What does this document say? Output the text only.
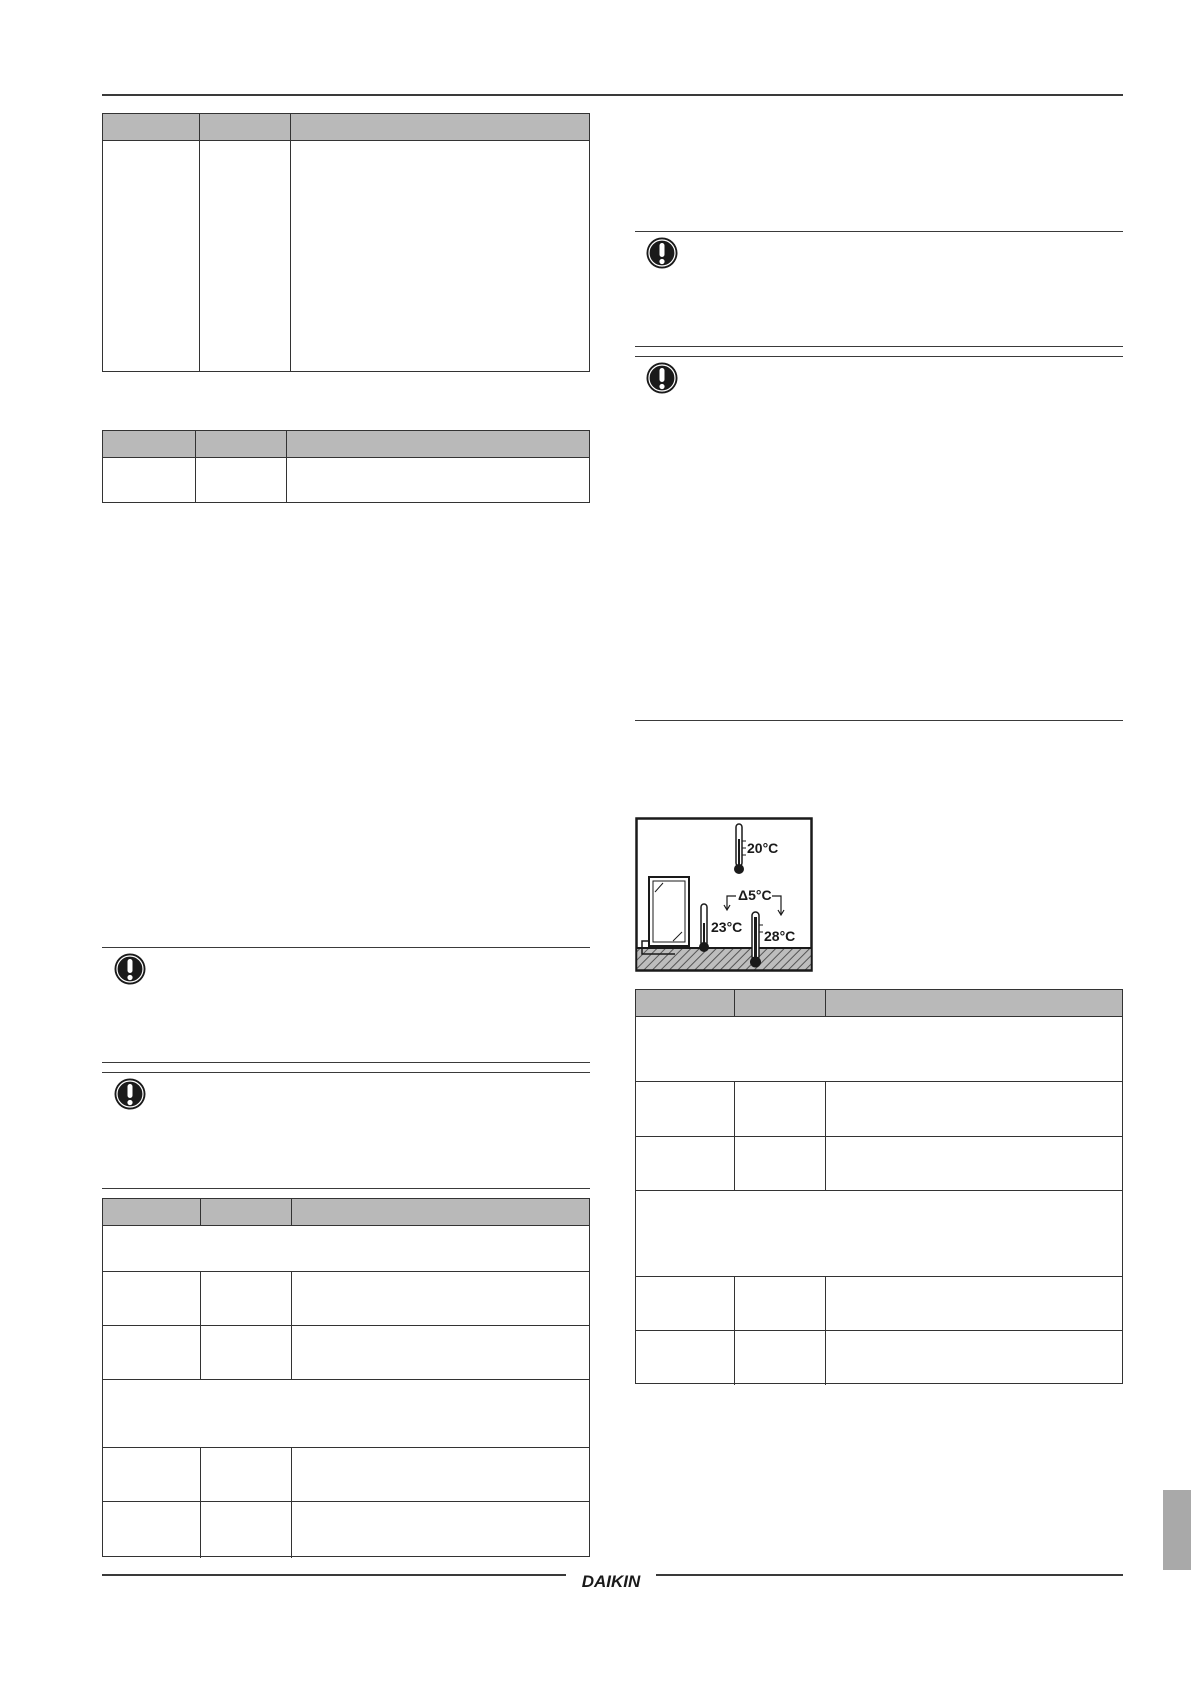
20°C
Δ5°C
23°C
28°C
DAIKIN
